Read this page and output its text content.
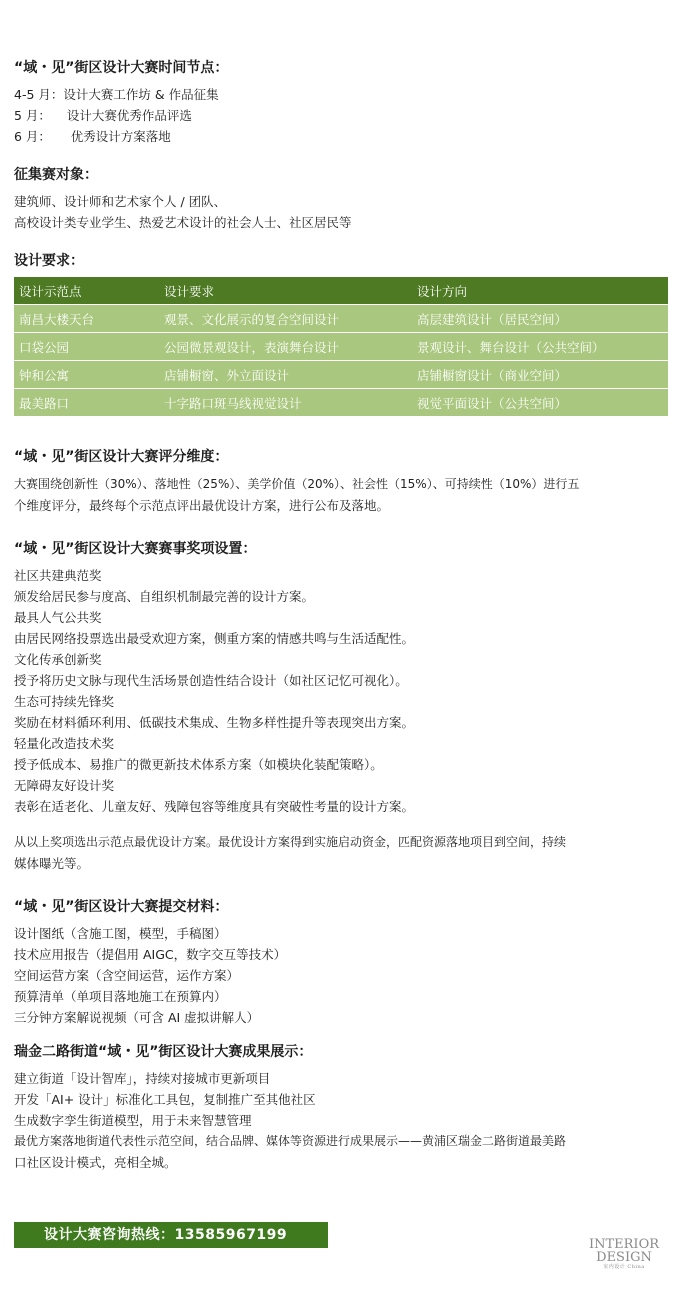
“域・见”街区设计大赛时间节点：
4-5 月：设计大赛工作坊 & 作品征集
5 月：    设计大赛优秀作品评选
6 月：     优秀设计方案落地
征集赛对象：
建筑师、设计师和艺术家个人 / 团队、
高校设计类专业学生、热爱艺术设计的社会人士、社区居民等
设计要求：
设计示范点	设计要求	设计方向
南昌大楼天台	观景、文化展示的复合空间设计	高层建筑设计（居民空间）
口袋公园	公园微景观设计，表演舞台设计	景观设计、舞台设计（公共空间）
钟和公寓	店铺橱窗、外立面设计	店铺橱窗设计（商业空间）
最美路口	十字路口斑马线视觉设计	视觉平面设计（公共空间）
“域・见”街区设计大赛评分维度：
大赛围绕创新性（30%）、落地性（25%）、美学价值（20%）、社会性（15%）、可持续性（10%）进行五
个维度评分，最终每个示范点评出最优设计方案，进行公布及落地。
“域・见”街区设计大赛赛事奖项设置：
社区共建典范奖
颁发给居民参与度高、自组织机制最完善的设计方案。
最具人气公共奖
由居民网络投票选出最受欢迎方案，侧重方案的情感共鸣与生活适配性。
文化传承创新奖
授予将历史文脉与现代生活场景创造性结合设计（如社区记忆可视化）。
生态可持续先锋奖
奖励在材料循环利用、低碳技术集成、生物多样性提升等表现突出方案。
轻量化改造技术奖
授予低成本、易推广的微更新技术体系方案（如模块化装配策略）。
无障碍友好设计奖
表彰在适老化、儿童友好、残障包容等维度具有突破性考量的设计方案。
从以上奖项选出示范点最优设计方案。最优设计方案得到实施启动资金，匹配资源落地项目到空间，持续
媒体曝光等。
“域・见”街区设计大赛提交材料：
设计图纸（含施工图，模型，手稿图）
技术应用报告（提倡用 AIGC，数字交互等技术）
空间运营方案（含空间运营，运作方案）
预算清单（单项目落地施工在预算内）
三分钟方案解说视频（可含 AI 虚拟讲解人）
瑞金二路街道“域・见”街区设计大赛成果展示：
建立街道「设计智库」，持续对接城市更新项目
开发「AI+ 设计」标准化工具包，复制推广至其他社区
生成数字孪生街道模型，用于未来智慧管理
最优方案落地街道代表性示范空间，结合品牌、媒体等资源进行成果展示——黄浦区瑞金二路街道最美路
口社区设计模式，亮相全城。
设计大赛咨询热线：13585967199
INTERIOR
DESIGN
室内设计 China
